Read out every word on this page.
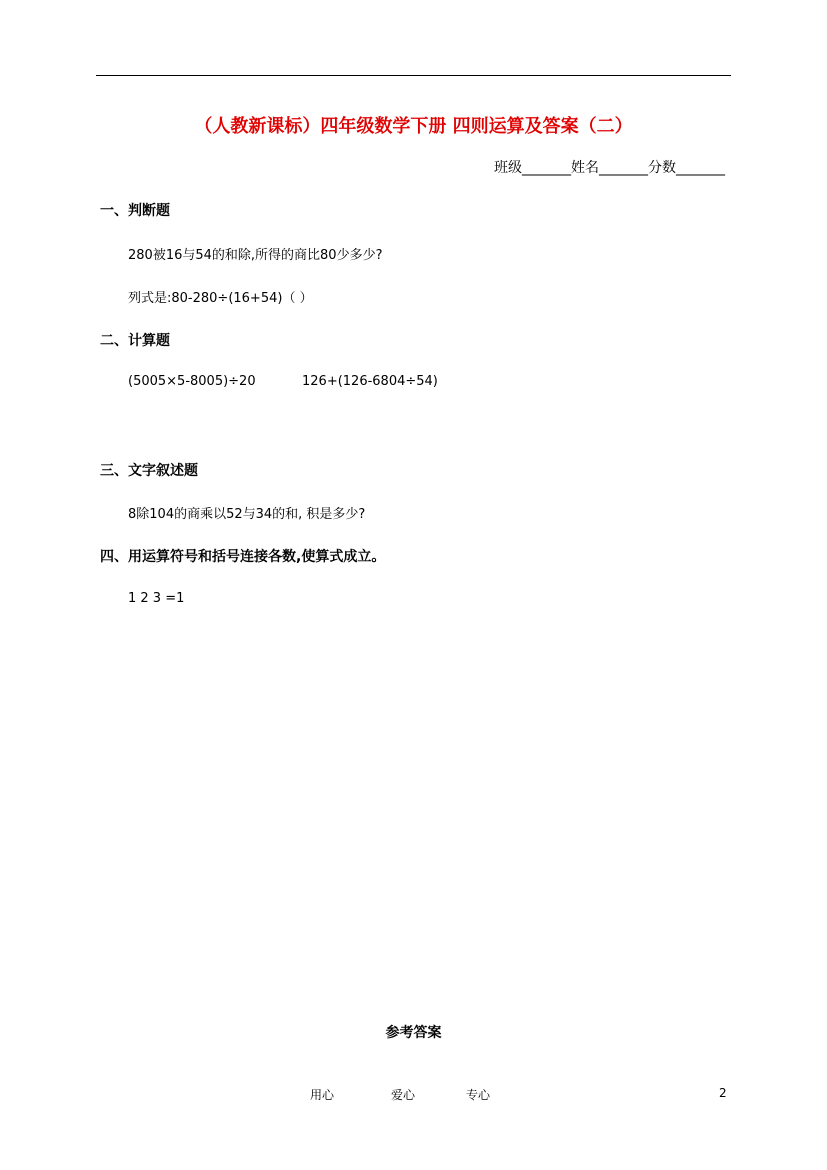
（人教新课标）四年级数学下册 四则运算及答案（二）
班级_______姓名_______分数_______
一、判断题
280被16与54的和除,所得的商比80少多少?
列式是:80-280÷(16+54)（ ）
二、计算题
(5005×5-8005)÷20	126+(126-6804÷54)
三、文字叙述题
8除104的商乘以52与34的和, 积是多少?
四、用运算符号和括号连接各数,使算式成立。
1 2 3 =1
参考答案
用心	爱心	专心	2
